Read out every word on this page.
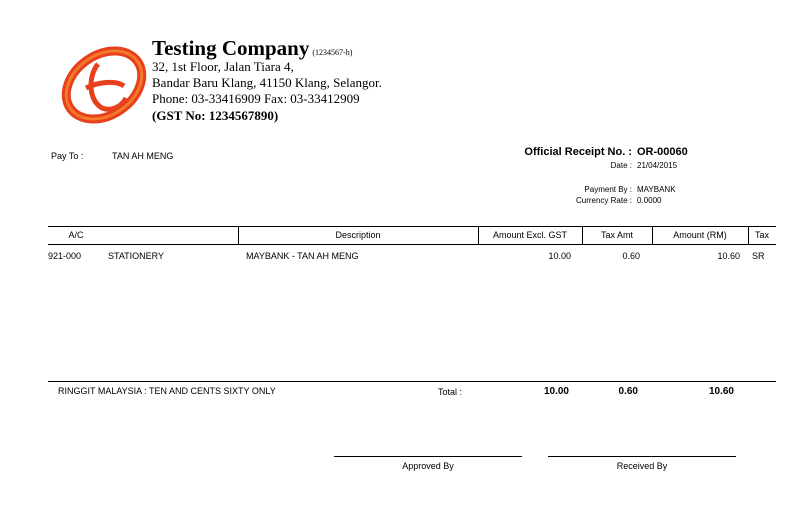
Testing Company (1234567-h)
32, 1st Floor, Jalan Tiara 4,
Bandar Baru Klang, 41150 Klang, Selangor.
Phone: 03-33416909 Fax: 03-33412909
(GST No: 1234567890)
Pay To :	TAN AH MENG	Official Receipt No. : OR-00060
Date : 21/04/2015
Payment By : MAYBANK
Currency Rate : 0.0000
A/C	Description	Amount Excl. GST	Tax Amt	Amount (RM)	Tax
921-000	STATIONERY	MAYBANK - TAN AH MENG	10.00	0.60	10.60 SR
RINGGIT MALAYSIA : TEN AND CENTS SIXTY ONLY	Total :	10.00	0.60	10.60
Approved By	Received By
